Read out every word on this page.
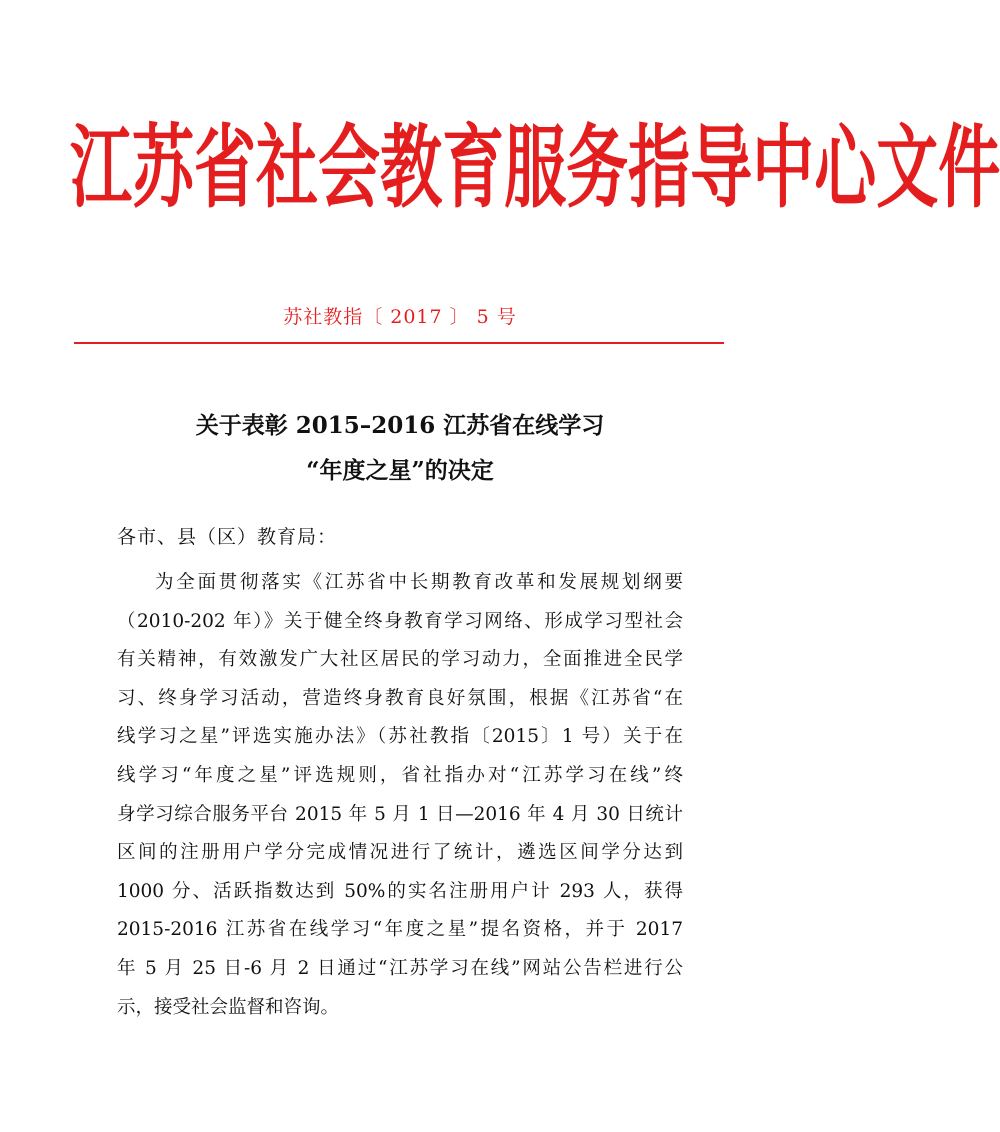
江 苏 省 社 会 教 育 服 务 指 导 中 心 文 件
苏社教指〔 2017 〕 5 号
关于表彰 2015–2016 江苏省在线学习
“年度之星”的决定
各市、县（区）教育局：
为全面贯彻落实《江苏省中长期教育改革和发展规划纲要
（2010-202 年）》关于健全终身教育学习网络、形成学习型社会
有关精神，有效激发广大社区居民的学习动力，全面推进全民学
习、终身学习活动，营造终身教育良好氛围，根据《江苏省“在
线学习之星”评选实施办法》（苏社教指〔2015〕1 号）关于在
线学习“年度之星”评选规则，省社指办对“江苏学习在线”终
身学习综合服务平台 2015 年 5 月 1 日—2016 年 4 月 30 日统计
区间的注册用户学分完成情况进行了统计，遴选区间学分达到
1000 分、活跃指数达到 50%的实名注册用户计 293 人，获得
2015-2016 江苏省在线学习“年度之星”提名资格，并于 2017
年 5 月 25 日-6 月 2 日通过“江苏学习在线”网站公告栏进行公
示，接受社会监督和咨询。
